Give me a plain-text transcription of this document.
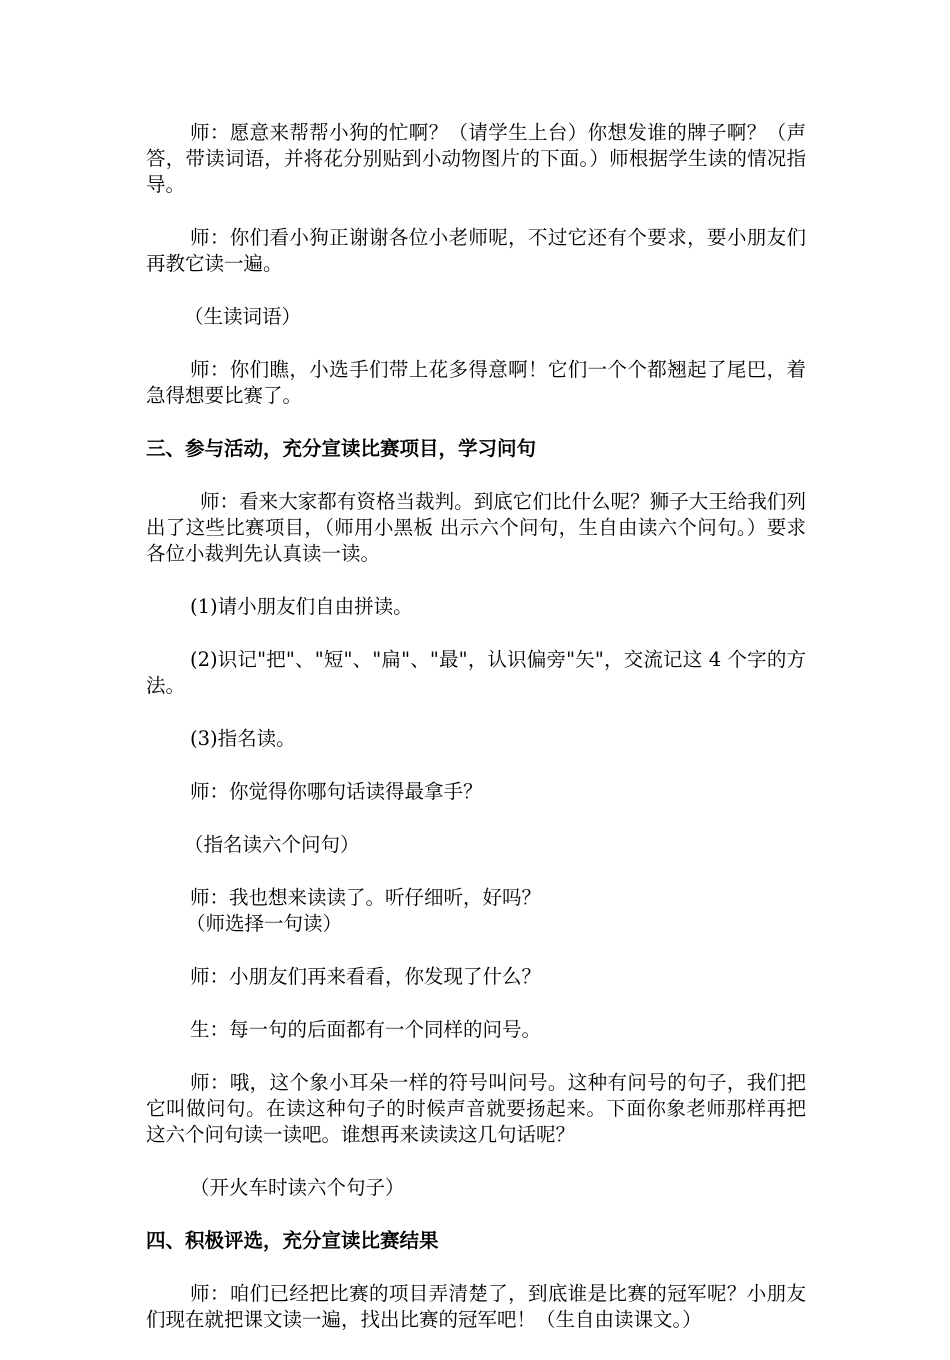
师：愿意来帮帮小狗的忙啊？（请学生上台）你想发谁的牌子啊？（声答，带读词语，并将花分别贴到小动物图片的下面。）师根据学生读的情况指导。

师：你们看小狗正谢谢各位小老师呢，不过它还有个要求，要小朋友们再教它读一遍。

（生读词语）

师：你们瞧，小选手们带上花多得意啊！它们一个个都翘起了尾巴，着急得想要比赛了。

三、参与活动，充分宣读比赛项目，学习问句

师：看来大家都有资格当裁判。到底它们比什么呢？狮子大王给我们列出了这些比赛项目，（师用小黑板 出示六个问句，生自由读六个问句。）要求各位小裁判先认真读一读。

(1)请小朋友们自由拼读。

(2)识记"把"、"短"、"扁"、"最"，认识偏旁"矢"，交流记这 4 个字的方法。

(3)指名读。

师：你觉得你哪句话读得最拿手？

（指名读六个问句）

师：我也想来读读了。听仔细听，好吗？

（师选择一句读）

师：小朋友们再来看看，你发现了什么？

生：每一句的后面都有一个同样的问号。

师：哦，这个象小耳朵一样的符号叫问号。这种有问号的句子，我们把它叫做问句。在读这种句子的时候声音就要扬起来。下面你象老师那样再把这六个问句读一读吧。谁想再来读读这几句话呢？

（开火车时读六个句子）

四、积极评选，充分宣读比赛结果

师：咱们已经把比赛的项目弄清楚了，到底谁是比赛的冠军呢？小朋友们现在就把课文读一遍，找出比赛的冠军吧！（生自由读课文。）
